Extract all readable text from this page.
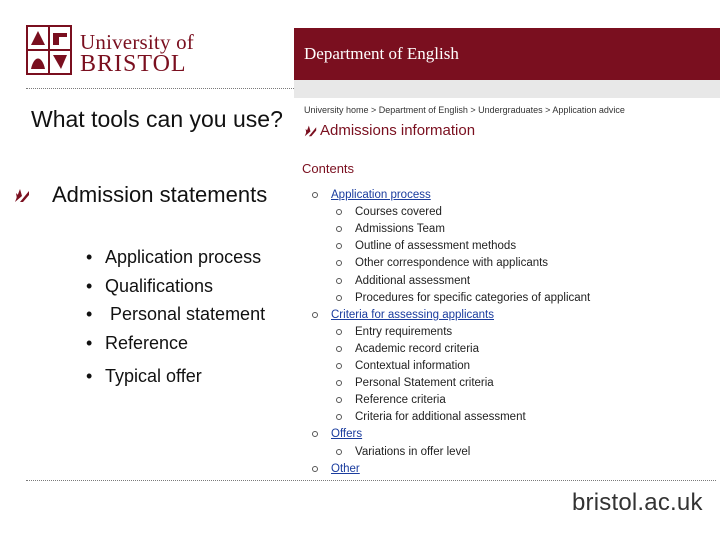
University of
BRISTOL
What tools can you use?
Admission statements
• Application process
• Qualifications
• Personal statement
• Reference
• Typical offer
Department of English
University home > Department of English > Undergraduates > Application advice
Admissions information
Contents
Application process
Courses covered
Admissions Team
Outline of assessment methods
Other correspondence with applicants
Additional assessment
Procedures for specific categories of applicant
Criteria for assessing applicants
Entry requirements
Academic record criteria
Contextual information
Personal Statement criteria
Reference criteria
Criteria for additional assessment
Offers
Variations in offer level
Other
bristol.ac.uk
